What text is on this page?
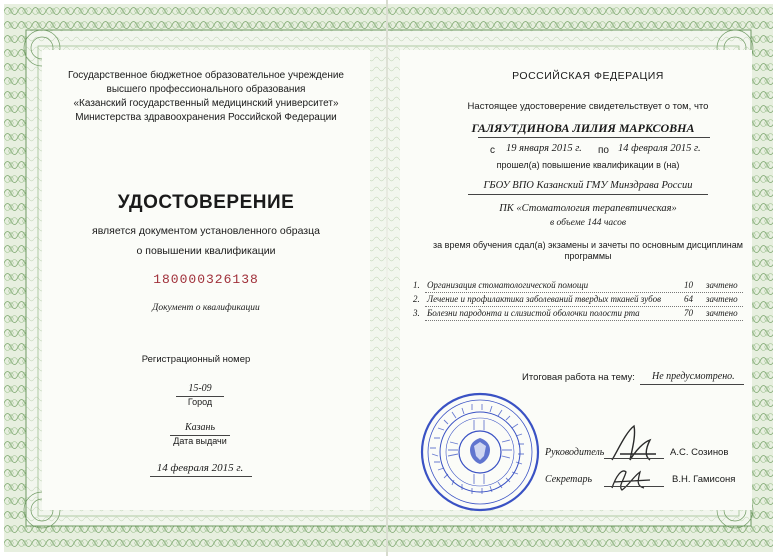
Государственное бюджетное образовательное учреждение
высшего профессионального образования
«Казанский государственный медицинский университет»
Министерства здравоохранения Российской Федерации
УДОСТОВЕРЕНИЕ
является документом установленного образца
о повышении квалификации
180000326138
Документ о квалификации
Регистрационный номер
15-09
Город
Казань
Дата выдачи
14 февраля 2015 г.
РОССИЙСКАЯ ФЕДЕРАЦИЯ
Настоящее удостоверение свидетельствует о том, что
ГАЛЯУТДИНОВА ЛИЛИЯ МАРКСОВНА
с 19 января 2015 г. по 14 февраля 2015 г.
прошел(а) повышение квалификации в (на)
ГБОУ ВПО Казанский ГМУ Минздрава России
ПК «Стоматология терапевтическая»
в объеме 144 часов
за время обучения сдал(а) экзамены и зачеты по основным дисциплинам
программы
1. Организация стоматологической помощи	10 зачтено
2. Лечение и профилактика заболеваний твердых тканей зубов	64 зачтено
3. Болезни пародонта и слизистой оболочки полости рта	70 зачтено
Итоговая работа на тему: Не предусмотрено.
Руководитель	А.С. Созинов
Секретарь	В.Н. Гамисоня
